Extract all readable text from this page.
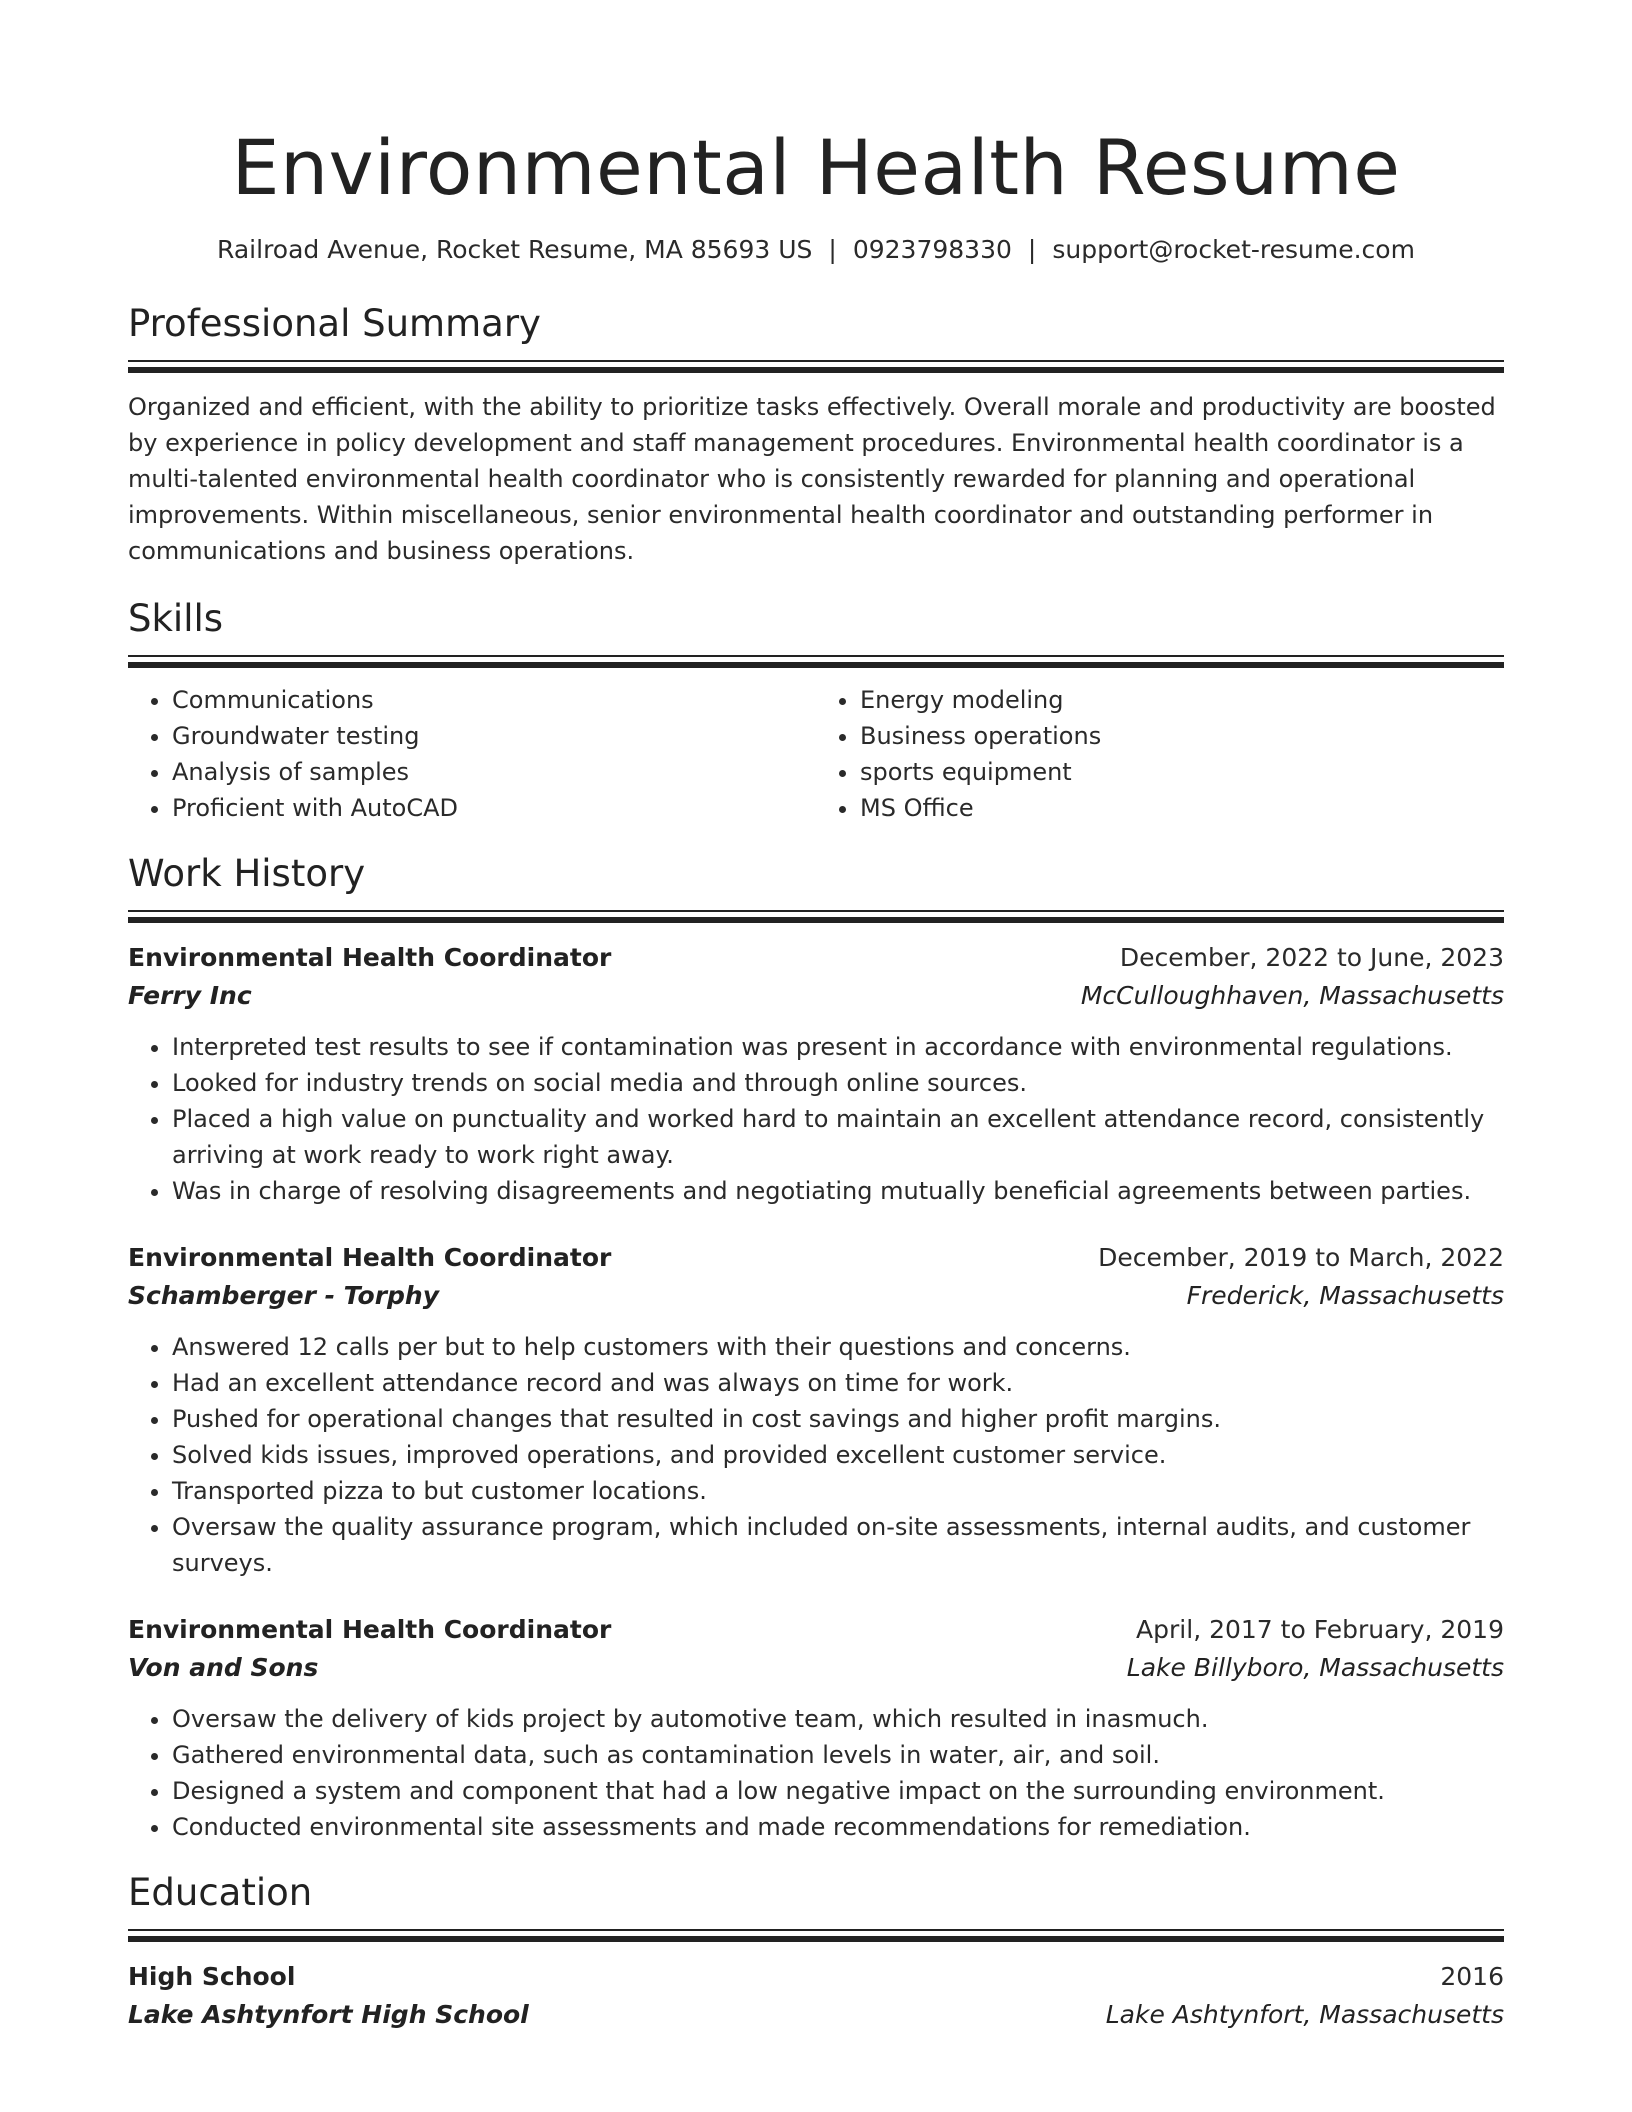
Environmental Health Resume
Railroad Avenue, Rocket Resume, MA 85693 US | 0923798330 | support@rocket-resume.com
Professional Summary

Organized and efficient, with the ability to prioritize tasks effectively. Overall morale and productivity are boosted by experience in policy development and staff management procedures. Environmental health coordinator is a multi-talented environmental health coordinator who is consistently rewarded for planning and operational improvements. Within miscellaneous, senior environmental health coordinator and outstanding performer in communications and business operations.

Skills
• Communications
• Groundwater testing
• Analysis of samples
• Proficient with AutoCAD
• Energy modeling
• Business operations
• sports equipment
• MS Office
Work History
Environmental Health Coordinator	December, 2022 to June, 2023
Ferry Inc	McCulloughhaven, Massachusetts
• Interpreted test results to see if contamination was present in accordance with environmental regulations.
• Looked for industry trends on social media and through online sources.
• Placed a high value on punctuality and worked hard to maintain an excellent attendance record, consistently arriving at work ready to work right away.
• Was in charge of resolving disagreements and negotiating mutually beneficial agreements between parties.
Environmental Health Coordinator	December, 2019 to March, 2022
Schamberger - Torphy	Frederick, Massachusetts
• Answered 12 calls per but to help customers with their questions and concerns.
• Had an excellent attendance record and was always on time for work.
• Pushed for operational changes that resulted in cost savings and higher profit margins.
• Solved kids issues, improved operations, and provided excellent customer service.
• Transported pizza to but customer locations.
• Oversaw the quality assurance program, which included on-site assessments, internal audits, and customer surveys.
Environmental Health Coordinator	April, 2017 to February, 2019
Von and Sons	Lake Billyboro, Massachusetts
• Oversaw the delivery of kids project by automotive team, which resulted in inasmuch.
• Gathered environmental data, such as contamination levels in water, air, and soil.
• Designed a system and component that had a low negative impact on the surrounding environment.
• Conducted environmental site assessments and made recommendations for remediation.
Education
High School	2016
Lake Ashtynfort High School	Lake Ashtynfort, Massachusetts
